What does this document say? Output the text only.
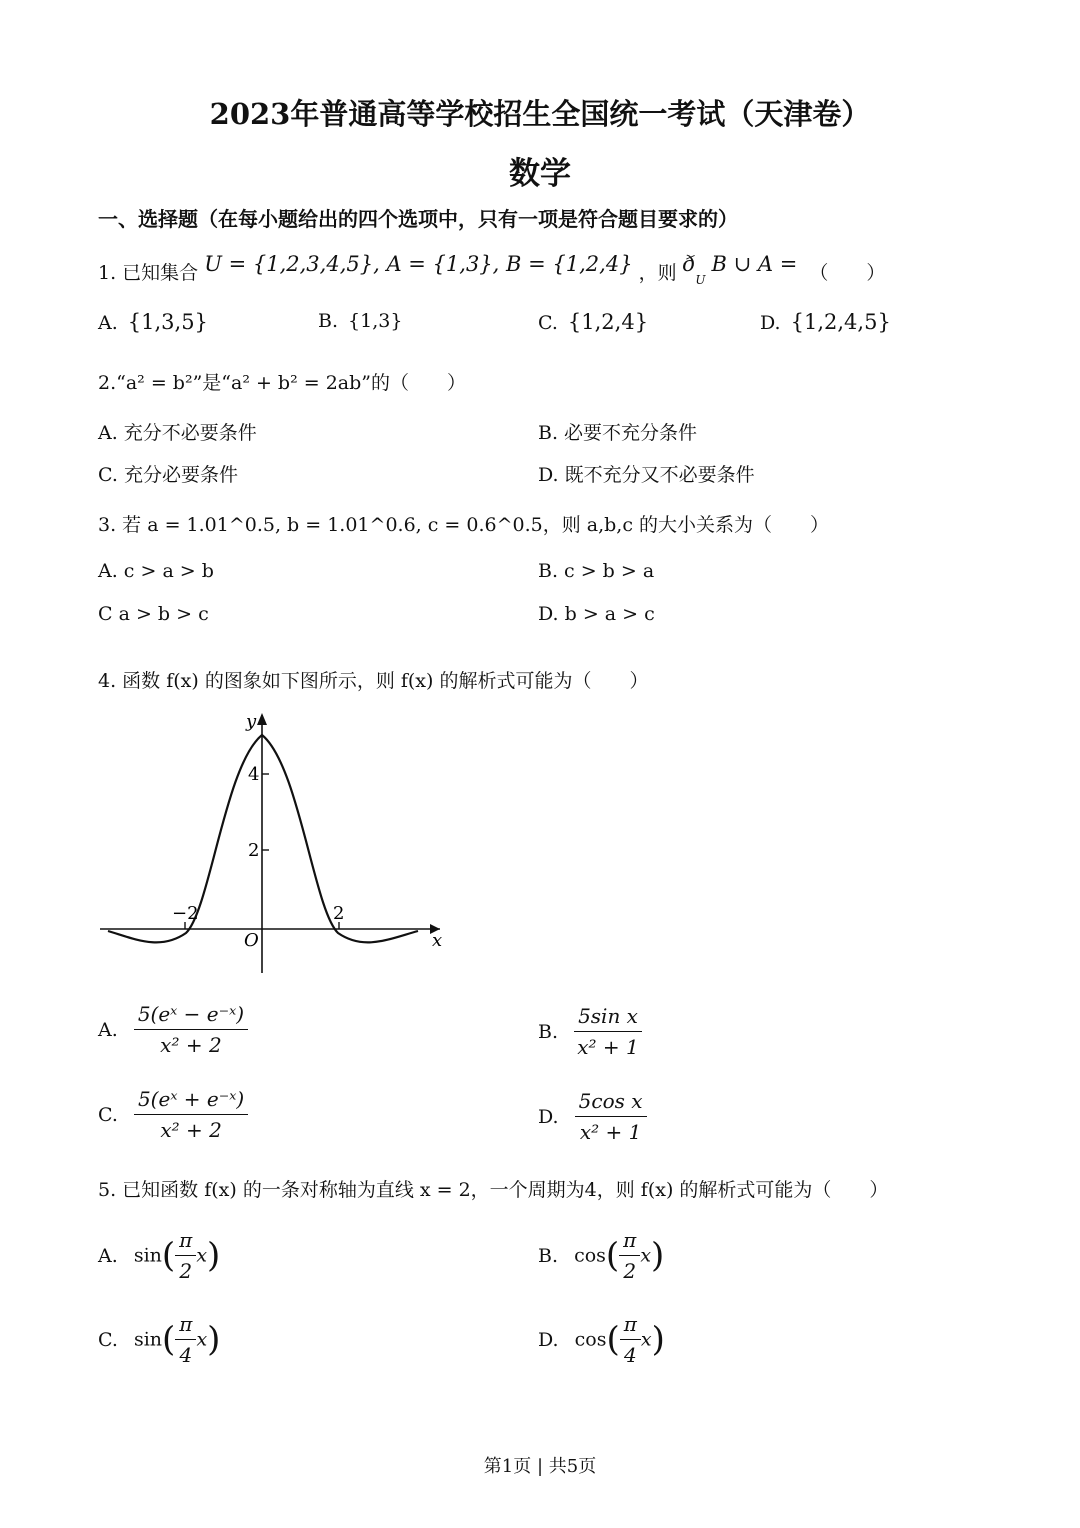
2023年普通高等学校招生全国统一考试（天津卷）
数学
一、选择题（在每小题给出的四个选项中，只有一项是符合题目要求的）
1. 已知集合 U = {1,2,3,4,5}, A = {1,3}, B = {1,2,4} ，则 $ð_U$ B ∪ A = （　　）
A. {1,3,5}	B. {1,3}	C. {1,2,4}	D. {1,2,4,5}
2.“a² = b²”是“a² + b² = 2ab”的（　　）
A. 充分不必要条件	B. 必要不充分条件
C. 充分必要条件	D. 既不充分又不必要条件
3. 若 a = 1.01^0.5, b = 1.01^0.6, c = 0.6^0.5，则 a,b,c 的大小关系为（　　）
A. c > a > b	B. c > b > a
C a > b > c	D. b > a > c
4. 函数 f(x) 的图象如下图所示，则 f(x) 的解析式可能为（　　）
y
x
O
4
2
−2	2
A. $\frac{\text{5(eˣ − e⁻ˣ)}}{\text{x² + 2}}$	B. $\frac{\text{5sin x}}{\text{x² + 1}}$
C. $\frac{\text{5(eˣ + e⁻ˣ)}}{\text{x² + 2}}$	D. $\frac{\text{5cos x}}{\text{x² + 1}}$
5. 已知函数 f(x) 的一条对称轴为直线 x = 2，一个周期为4，则 f(x) 的解析式可能为（　　）
A. $\sin( \frac{\pi}{2} x)$	B. $\cos( \frac{\pi}{2} x)$
C. $\sin( \frac{\pi}{4} x)$	D. $\cos( \frac{\pi}{4} x)$
第1页 | 共5页
